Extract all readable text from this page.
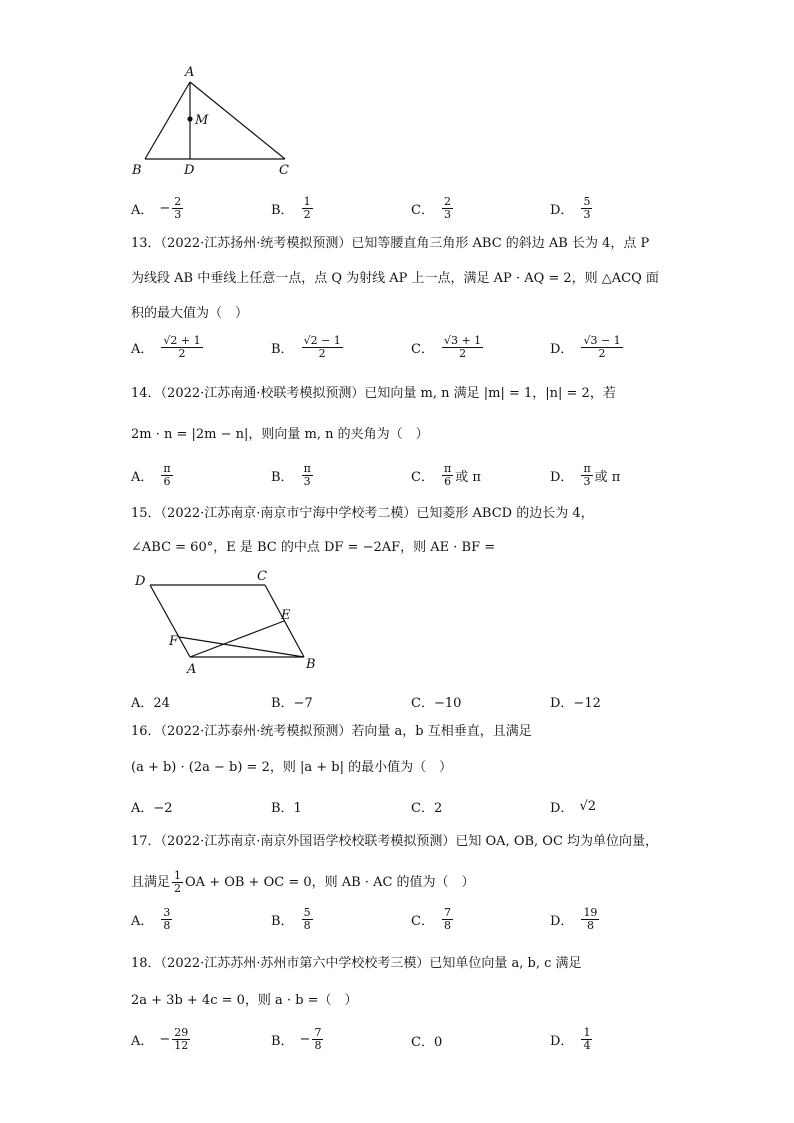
A
M
B	D	C
A． − $\frac{2}{3}$	B． $\frac{1}{2}$	C． $\frac{2}{3}$	D． $\frac{5}{3}$
13．（2022·江苏扬州·统考模拟预测）已知等腰直角三角形 ABC 的斜边 AB 长为 4，点 P
为线段 AB 中垂线上任意一点，点 Q 为射线 AP 上一点，满足 AP · AQ = 2，则 △ACQ 面
积的最大值为（　）
A． $\frac{√2 + 1}{2}$	B． $\frac{√2 - 1}{2}$	C． $\frac{√3 + 1}{2}$	D． $\frac{√3 - 1}{2}$
14．（2022·江苏南通·校联考模拟预测）已知向量 m, n 满足 |m| = 1，|n| = 2，若
2m · n = |2m − n|，则向量 m, n 的夹角为（　）
A． $\frac{\pi}{6}$	B． $\frac{\pi}{3}$	C． $\frac{\pi}{6}$ 或 π	D． $\frac{\pi}{3}$ 或 π
15．（2022·江苏南京·南京市宁海中学校考二模）已知菱形 ABCD 的边长为 4，
∠ABC = 60°，E 是 BC 的中点 DF = −2AF，则 AE · BF =
D	C
E
F
A	B
A．24	B．−7	C．−10	D．−12
16．（2022·江苏泰州·统考模拟预测）若向量 a，b 互相垂直，且满足
(a + b) · (2a − b) = 2，则 |a + b| 的最小值为（　）
A．−2	B．1	C．2	D． √2
17．（2022·江苏南京·南京外国语学校校联考模拟预测）已知 OA, OB, OC 均为单位向量，
且满足 $\frac{1}{2}$ OA + OB + OC = 0，则 AB · AC 的值为（　）
A． $\frac{3}{8}$	B． $\frac{5}{8}$	C． $\frac{7}{8}$	D． $\frac{19}{8}$
18．（2022·江苏苏州·苏州市第六中学校校考三模）已知单位向量 a, b, c 满足
2a + 3b + 4c = 0，则 a · b =（　）
A． − $\frac{29}{12}$	B． − $\frac{7}{8}$	C．0	D． $\frac{1}{4}$
